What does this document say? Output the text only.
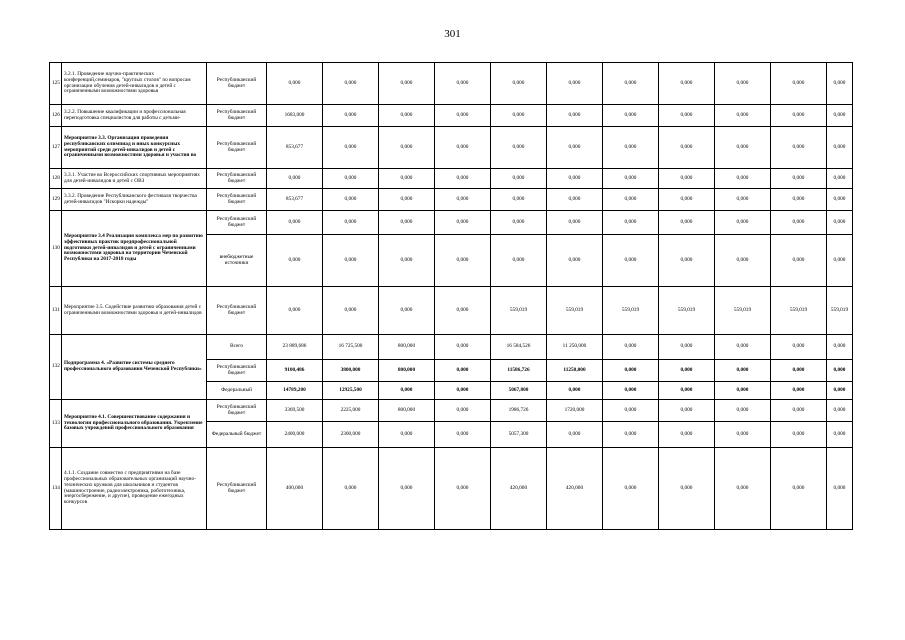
301
125	3.2.1. Проведение научно-практических конференций,семинаров, "круглых столов" по вопросам организации обучения детей-инвалидов и детей с ограниченными возможностями здоровья	Республиканский бюджет	0,000	0,000	0,000	0,000	0,000	0,000	0,000	0,000	0,000	0,000	0,000
126	3.2.2. Повышение квалификации и профессиональная переподготовка специалистов для работы с детьми-	Республиканский бюджет	1683,000	0,000	0,000	0,000	0,000	0,000	0,000	0,000	0,000	0,000	0,000
127	Мероприятие 3.3. Организация проведения республиканских олимпиад и иных конкурсных мероприятий среди детей-инвалидов и детей с ограниченными возможностями здоровья и участия во	Республиканский бюджет	853,677	0,000	0,000	0,000	0,000	0,000	0,000	0,000	0,000	0,000	0,000
128	3.3.1. Участие во Всероссийских спортивных мероприятиях для детей-инвалидов и детей с ОВЗ	Республиканский бюджет	0,000	0,000	0,000	0,000	0,000	0,000	0,000	0,000	0,000	0,000	0,000
129	3.3.2. Проведение Республиканского фестиваля творчества детей-инвалидов "Искорки надежды"	Республиканский бюджет	853,677	0,000	0,000	0,000	0,000	0,000	0,000	0,000	0,000	0,000	0,000
130	Мероприятие 3.4 Реализация комплекса мер по развитию эффективных практик предпрофессиональной подготовки детей-инвалидов и детей с ограниченными возможностями здоровья на территории Чеченской Республики на 2017-2018 годы	Республиканский бюджет	0,000	0,000	0,000	0,000	0,000	0,000	0,000	0,000	0,000	0,000	0,000
		внебюджетные источники	0,000	0,000	0,000	0,000	0,000	0,000	0,000	0,000	0,000	0,000	0,000
131	Мероприятие 3.5. Содействие развитию образования детей с ограниченными возможностями здоровья и детей-инвалидов	Республиканский бюджет	0,000	0,000	0,000	0,000	559,019	559,019	559,019	559,019	559,019	559,019	559,019
132	Подпрограмма 4. «Развитие системы среднего профессионального образования Чеченской Республики»	Всего	23 889,686	16 725,500	800,000	0,000	16 584,526	11 250,000	0,000	0,000	0,000	0,000	0,000
		Республиканский бюджет	9100,486	3800,000	800,000	0,000	11586,726	11250,000	0,000	0,000	0,000	0,000	0,000
		Федеральный	14789,200	12925,500	0,000	0,000	5067,800	0,000	0,000	0,000	0,000	0,000	0,000
133	Мероприятие 4.1. Совершенствование содержания и технологии профессионального образования. Укрепление базовых учреждений профессионального образования	Республиканский бюджет	3369,500	2225,000	800,000	0,000	1986,726	1720,000	0,000	0,000	0,000	0,000	0,000
		Федеральный бюджет	2400,000	2300,000	0,000	0,000	5057,300	0,000	0,000	0,000	0,000	0,000	0,000
134	4.1.1. Создание совместно с предприятиями на базе профессиональных образовательных организаций научно-технических кружков для школьников и студентов (машиностроение, радиоэлектроника, робототехника, энергосбережение, и другие), проведение ежегодных конкурсов	Республиканский бюджет	400,000	0,000	0,000	0,000	420,000	420,000	0,000	0,000	0,000	0,000	0,000
